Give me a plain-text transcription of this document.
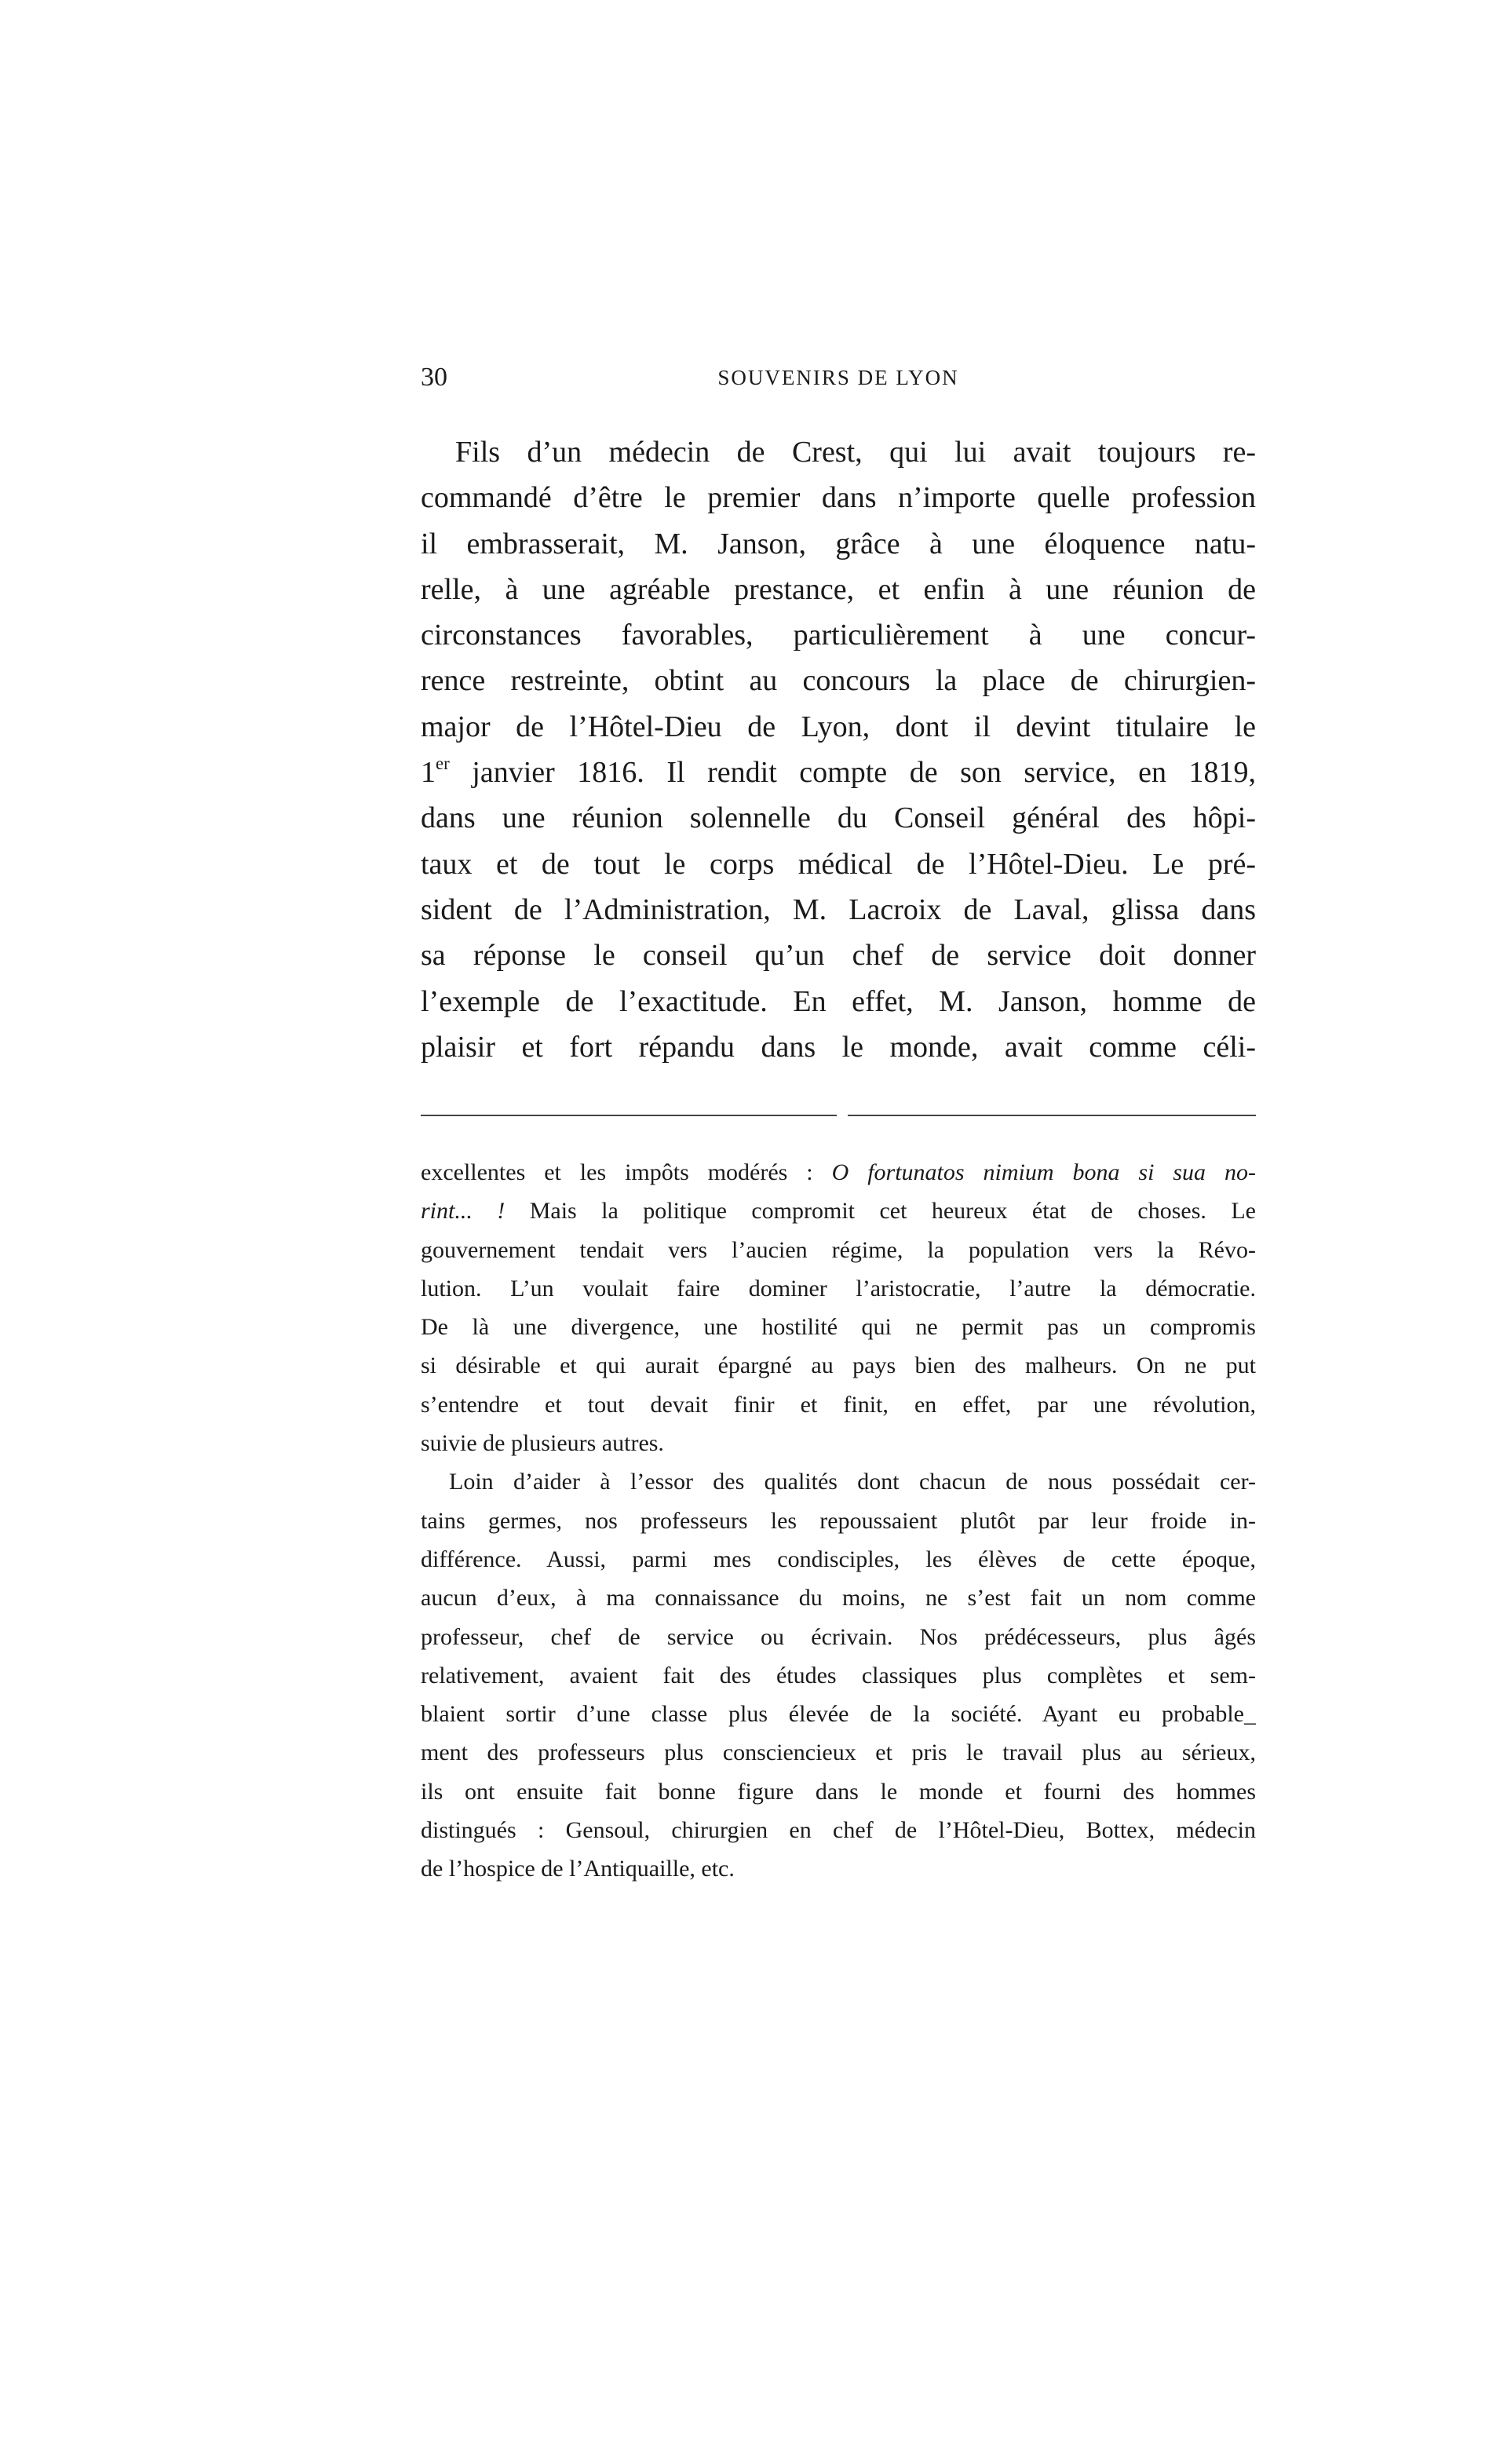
30	SOUVENIRS DE LYON
Fils d’un médecin de Crest, qui lui avait toujours re-
commandé d’être le premier dans n’importe quelle profession
il embrasserait, M. Janson, grâce à une éloquence natu-
relle, à une agréable prestance, et enfin à une réunion de
circonstances favorables, particulièrement à une concur-
rence restreinte, obtint au concours la place de chirurgien-
major de l’Hôtel-Dieu de Lyon, dont il devint titulaire le
1er janvier 1816. Il rendit compte de son service, en 1819,
dans une réunion solennelle du Conseil général des hôpi-
taux et de tout le corps médical de l’Hôtel-Dieu. Le pré-
sident de l’Administration, M. Lacroix de Laval, glissa dans
sa réponse le conseil qu’un chef de service doit donner
l’exemple de l’exactitude. En effet, M. Janson, homme de
plaisir et fort répandu dans le monde, avait comme céli-
excellentes et les impôts modérés : O fortunatos nimium bona si sua no-
rint... ! Mais la politique compromit cet heureux état de choses. Le
gouvernement tendait vers l’aucien régime, la population vers la Révo-
lution. L’un voulait faire dominer l’aristocratie, l’autre la démocratie.
De là une divergence, une hostilité qui ne permit pas un compromis
si désirable et qui aurait épargné au pays bien des malheurs. On ne put
s’entendre et tout devait finir et finit, en effet, par une révolution,
suivie de plusieurs autres.
Loin d’aider à l’essor des qualités dont chacun de nous possédait cer-
tains germes, nos professeurs les repoussaient plutôt par leur froide in-
différence. Aussi, parmi mes condisciples, les élèves de cette époque,
aucun d’eux, à ma connaissance du moins, ne s’est fait un nom comme
professeur, chef de service ou écrivain. Nos prédécesseurs, plus âgés
relativement, avaient fait des études classiques plus complètes et sem-
blaient sortir d’une classe plus élevée de la société. Ayant eu probable_
ment des professeurs plus consciencieux et pris le travail plus au sérieux,
ils ont ensuite fait bonne figure dans le monde et fourni des hommes
distingués : Gensoul, chirurgien en chef de l’Hôtel-Dieu, Bottex, médecin
de l’hospice de l’Antiquaille, etc.
